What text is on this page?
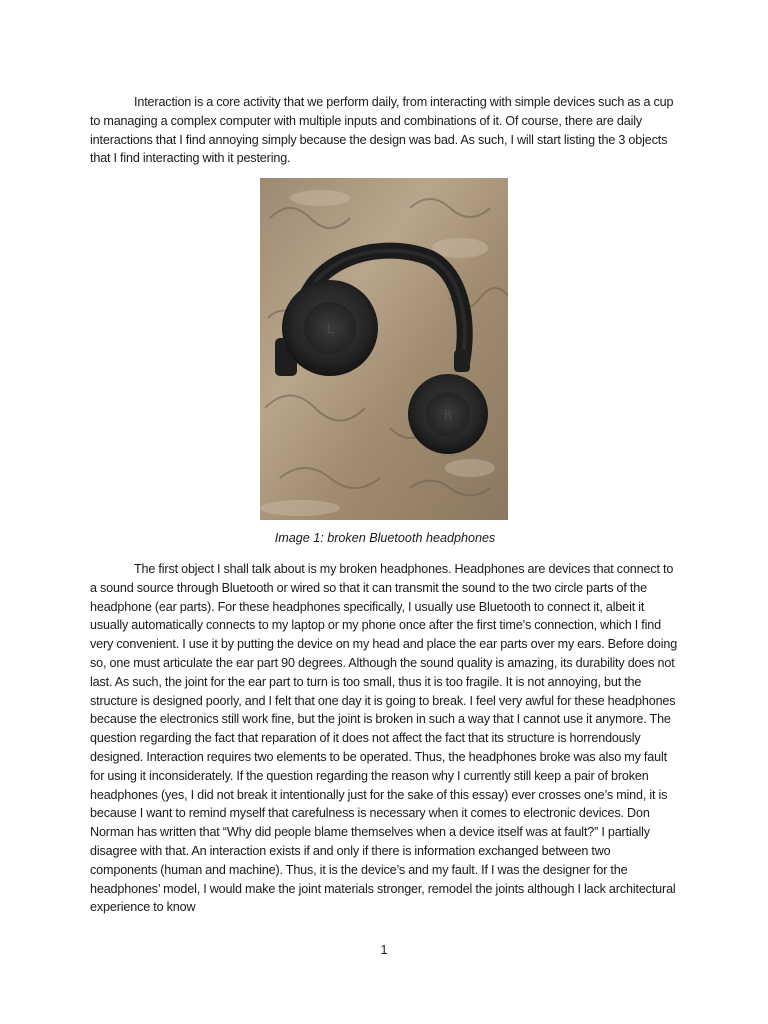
Interaction is a core activity that we perform daily, from interacting with simple devices such as a cup to managing a complex computer with multiple inputs and combinations of it. Of course, there are daily interactions that I find annoying simply because the design was bad. As such, I will start listing the 3 objects that I find interacting with it pestering.

L
R

Image 1: broken Bluetooth headphones

The first object I shall talk about is my broken headphones. Headphones are devices that connect to a sound source through Bluetooth or wired so that it can transmit the sound to the two circle parts of the headphone (ear parts). For these headphones specifically, I usually use Bluetooth to connect it, albeit it usually automatically connects to my laptop or my phone once after the first time’s connection, which I find very convenient. I use it by putting the device on my head and place the ear parts over my ears. Before doing so, one must articulate the ear part 90 degrees. Although the sound quality is amazing, its durability does not last. As such, the joint for the ear part to turn is too small, thus it is too fragile. It is not annoying, but the structure is designed poorly, and I felt that one day it is going to break. I feel very awful for these headphones because the electronics still work fine, but the joint is broken in such a way that I cannot use it anymore. The question regarding the fact that reparation of it does not affect the fact that its structure is horrendously designed. Interaction requires two elements to be operated. Thus, the headphones broke was also my fault for using it inconsiderately. If the question regarding the reason why I currently still keep a pair of broken headphones (yes, I did not break it intentionally just for the sake of this essay) ever crosses one’s mind, it is because I want to remind myself that carefulness is necessary when it comes to electronic devices. Don Norman has written that “Why did people blame themselves when a device itself was at fault?” I partially disagree with that. An interaction exists if and only if there is information exchanged between two components (human and machine). Thus, it is the device’s and my fault. If I was the designer for the headphones’ model, I would make the joint materials stronger, remodel the joints although I lack architectural experience to know

1
